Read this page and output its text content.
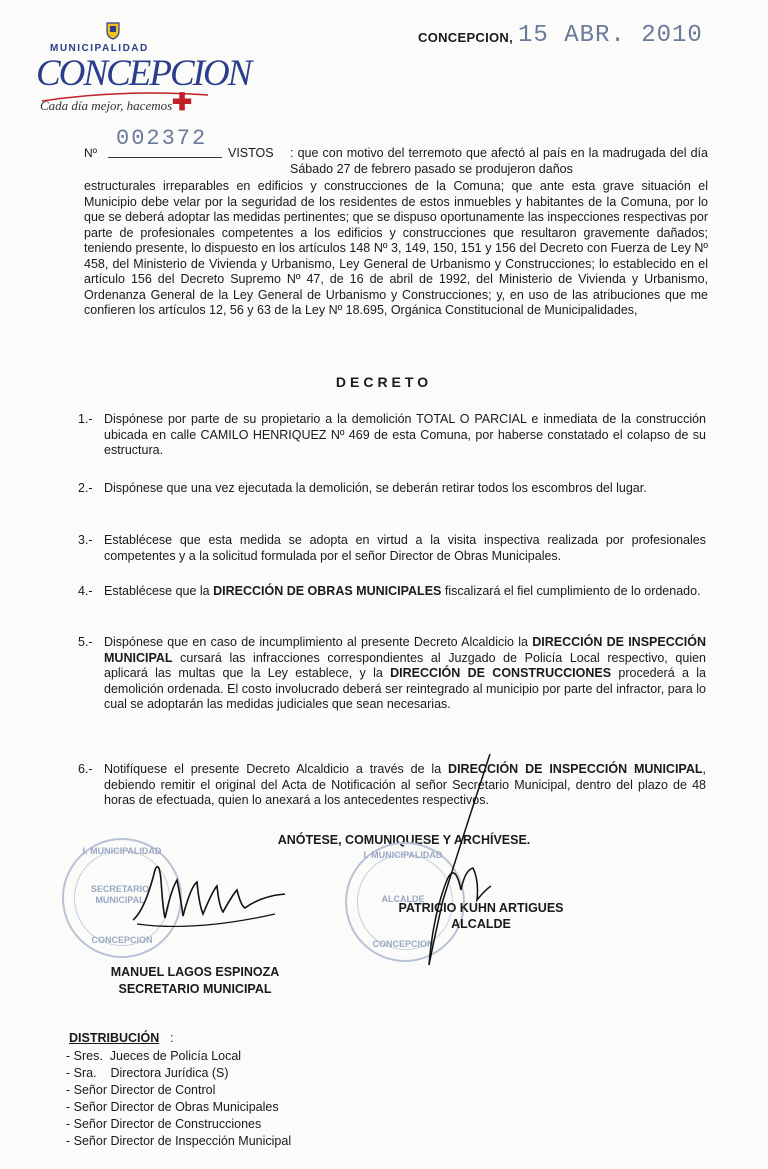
MUNICIPALIDAD
CONCEPCION
Cada día mejor, hacemos ✚
CONCEPCION, 15 ABR. 2010
Nº
002372
VISTOS : que con motivo del terremoto que afectó al país en la madrugada del día Sábado 27 de febrero pasado se produjeron daños
estructurales irreparables en edificios y construcciones de la Comuna; que ante esta grave situación el Municipio debe velar por la seguridad de los residentes de estos inmuebles y habitantes de la Comuna, por lo que se deberá adoptar las medidas pertinentes; que se dispuso oportunamente las inspecciones respectivas por parte de profesionales competentes a los edificios y construcciones que resultaron gravemente dañados; teniendo presente, lo dispuesto en los artículos 148 Nº 3, 149, 150, 151 y 156 del Decreto con Fuerza de Ley Nº 458, del Ministerio de Vivienda y Urbanismo, Ley General de Urbanismo y Construcciones; lo establecido en el artículo 156 del Decreto Supremo Nº 47, de 16 de abril de 1992, del Ministerio de Vivienda y Urbanismo, Ordenanza General de la Ley General de Urbanismo y Construcciones; y, en uso de las atribuciones que me confieren los artículos 12, 56 y 63 de la Ley Nº 18.695, Orgánica Constitucional de Municipalidades,
DECRETO
1.- Dispónese por parte de su propietario a la demolición TOTAL O PARCIAL e inmediata de la construcción ubicada en calle CAMILO HENRIQUEZ Nº 469 de esta Comuna, por haberse constatado el colapso de su estructura.
2.- Dispónese que una vez ejecutada la demolición, se deberán retirar todos los escombros del lugar.
3.- Establécese que esta medida se adopta en virtud a la visita inspectiva realizada por profesionales competentes y a la solicitud formulada por el señor Director de Obras Municipales.
4.- Establécese que la DIRECCIÓN DE OBRAS MUNICIPALES fiscalizará el fiel cumplimiento de lo ordenado.
5.- Dispónese que en caso de incumplimiento al presente Decreto Alcaldicio la DIRECCIÓN DE INSPECCIÓN MUNICIPAL cursará las infracciones correspondientes al Juzgado de Policía Local respectivo, quien aplicará las multas que la Ley establece, y la DIRECCIÓN DE CONSTRUCCIONES procederá a la demolición ordenada. El costo involucrado deberá ser reintegrado al municipio por parte del infractor, para lo cual se adoptarán las medidas judiciales que sean necesarias.
6.- Notifíquese el presente Decreto Alcaldicio a través de la DIRECCIÓN DE INSPECCIÓN MUNICIPAL, debiendo remitir el original del Acta de Notificación al señor Secretario Municipal, dentro del plazo de 48 horas de efectuada, quien lo anexará a los antecedentes respectivos.
ANÓTESE, COMUNIQUESE Y ARCHÍVESE.
I. MUNICIPALIDAD
SECRETARIO MUNICIPAL
CONCEPCION
I. MUNICIPALIDAD
ALCALDE
CONCEPCION
PATRICIO KUHN ARTIGUES
ALCALDE
MANUEL LAGOS ESPINOZA
SECRETARIO MUNICIPAL
DISTRIBUCIÓN :
- Sres.  Jueces de Policía Local
- Sra.    Directora Jurídica (S)
- Señor Director de Control
- Señor Director de Obras Municipales
- Señor Director de Construcciones
- Señor Director de Inspección Municipal
